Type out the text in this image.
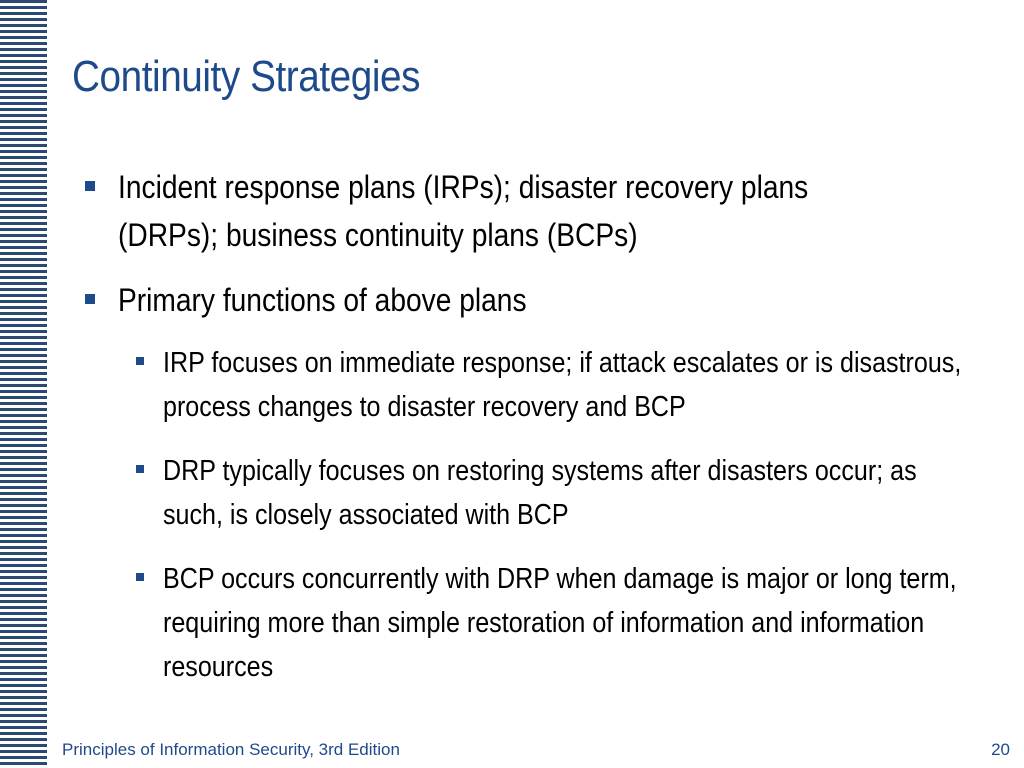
Continuity Strategies
Incident response plans (IRPs); disaster recovery plans (DRPs); business continuity plans (BCPs)
Primary functions of above plans
IRP focuses on immediate response; if attack escalates or is disastrous, process changes to disaster recovery and BCP
DRP typically focuses on restoring systems after disasters occur; as such, is closely associated with BCP
BCP occurs concurrently with DRP when damage is major or long term, requiring more than simple restoration of information and information resources
Principles of Information Security, 3rd Edition	20
